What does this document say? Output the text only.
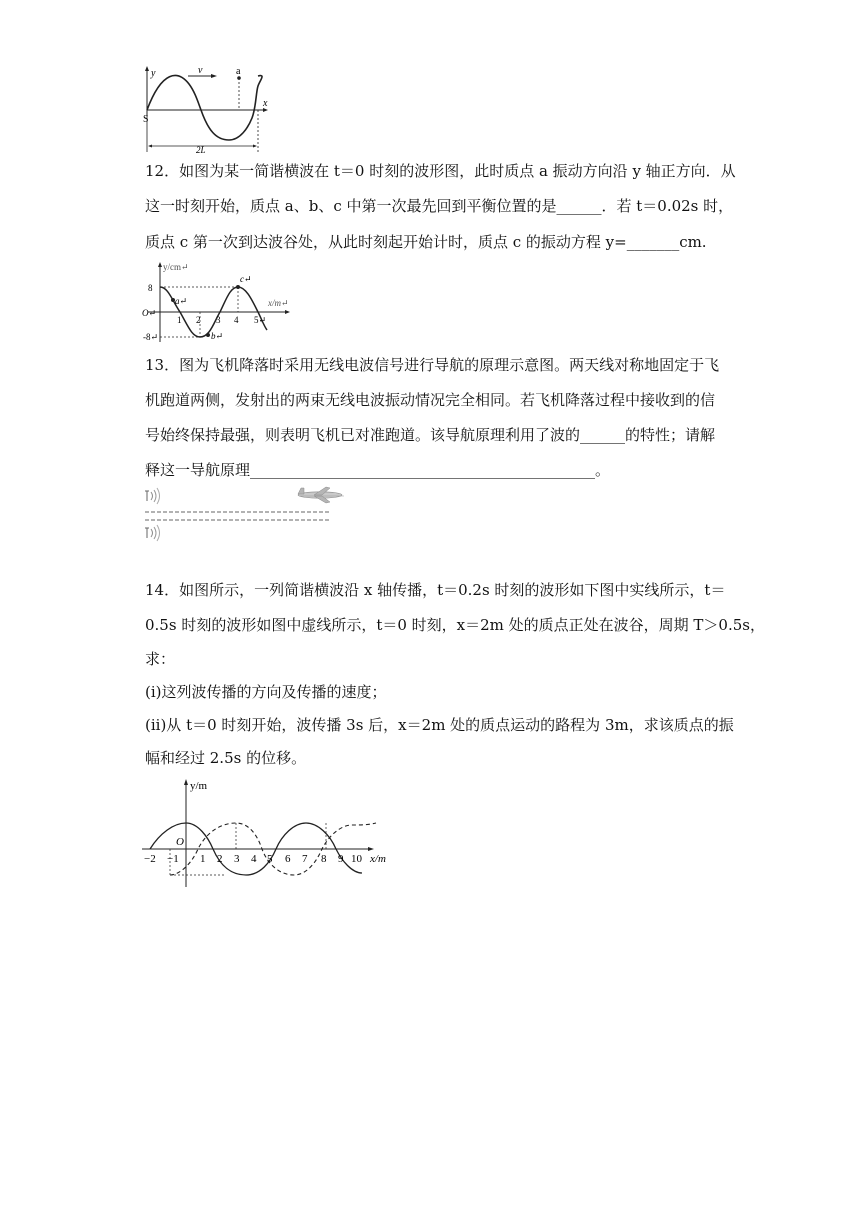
y
x
v	a
S
2L
12．如图为某一简谐横波在 t＝0 时刻的波形图，此时质点 a 振动方向沿 y 轴正方向．从
这一时刻开始，质点 a、b、c 中第一次最先回到平衡位置的是______．若 t＝0.02s 时，
质点 c 第一次到达波谷处，从此时刻起开始计时，质点 c 的振动方程 y=_______cm.
y/cm↵
x/m↵
O↵
8
-8↵
a↵
b↵
c↵
1 2 3 4 5↵
13．图为飞机降落时采用无线电波信号进行导航的原理示意图。两天线对称地固定于飞
机跑道两侧，发射出的两束无线电波振动情况完全相同。若飞机降落过程中接收到的信
号始终保持最强，则表明飞机已对准跑道。该导航原理利用了波的______的特性；请解
释这一导航原理______________________________________________。
14．如图所示，一列简谐横波沿 x 轴传播，t＝0.2s 时刻的波形如下图中实线所示，t＝
0.5s 时刻的波形如图中虚线所示，t＝0 时刻，x＝2m 处的质点正处在波谷，周期 T＞0.5s，
求：
(i)这列波传播的方向及传播的速度；
(ii)从 t＝0 时刻开始，波传播 3s 后，x＝2m 处的质点运动的路程为 3m，求该质点的振
幅和经过 2.5s 的位移。
y/m
x/m
O
−2 −1 1 2 3 4 5 6 7 8 9 10
